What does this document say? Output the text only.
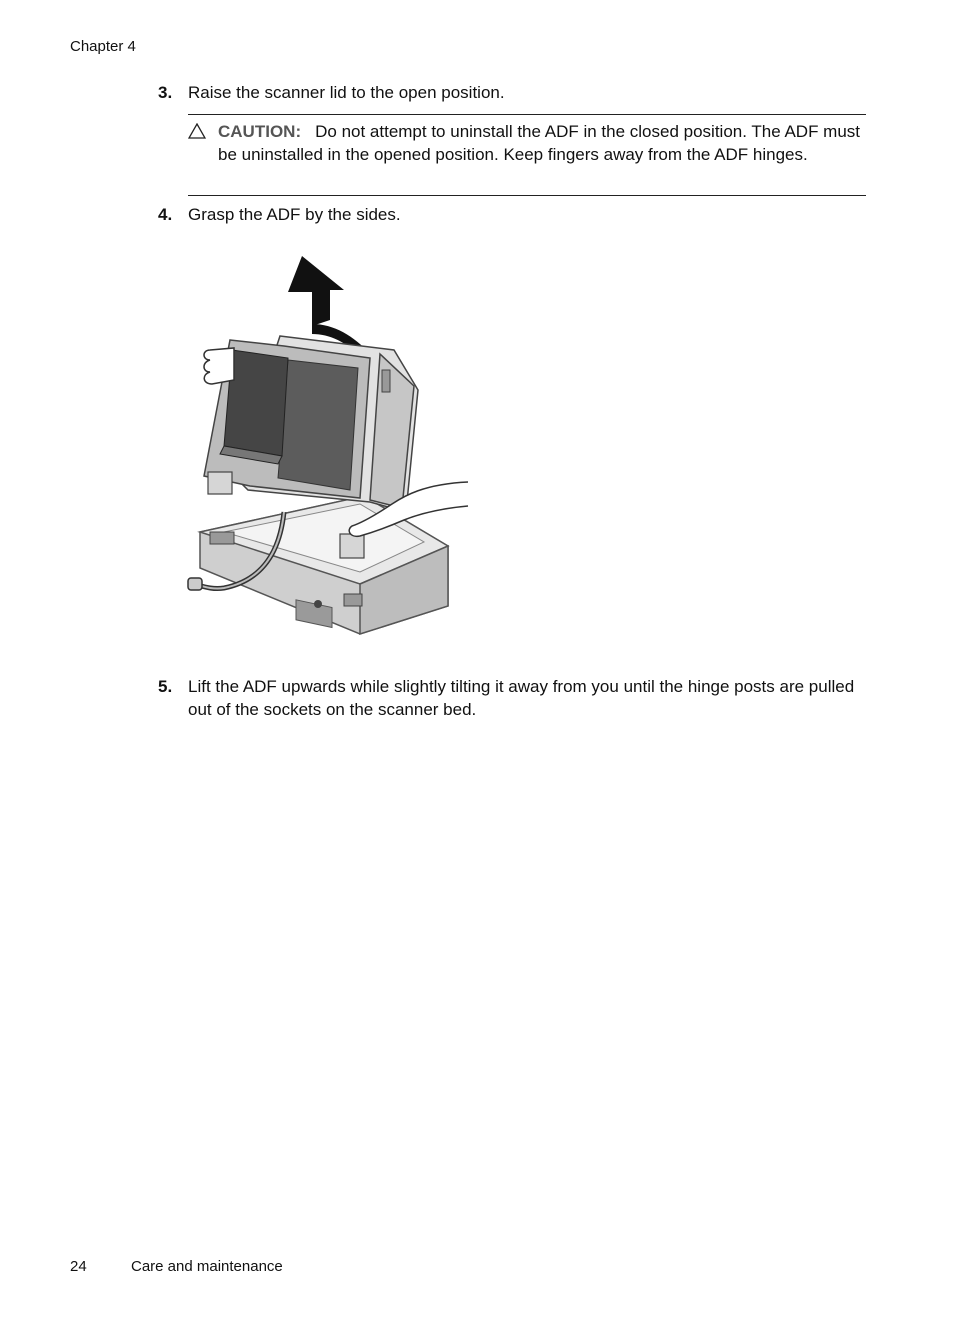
Chapter 4
3. Raise the scanner lid to the open position.
CAUTION: Do not attempt to uninstall the ADF in the closed position. The ADF must be uninstalled in the opened position. Keep fingers away from the ADF hinges.
4. Grasp the ADF by the sides.
5. Lift the ADF upwards while slightly tilting it away from you until the hinge posts are pulled out of the sockets on the scanner bed.
24	Care and maintenance
